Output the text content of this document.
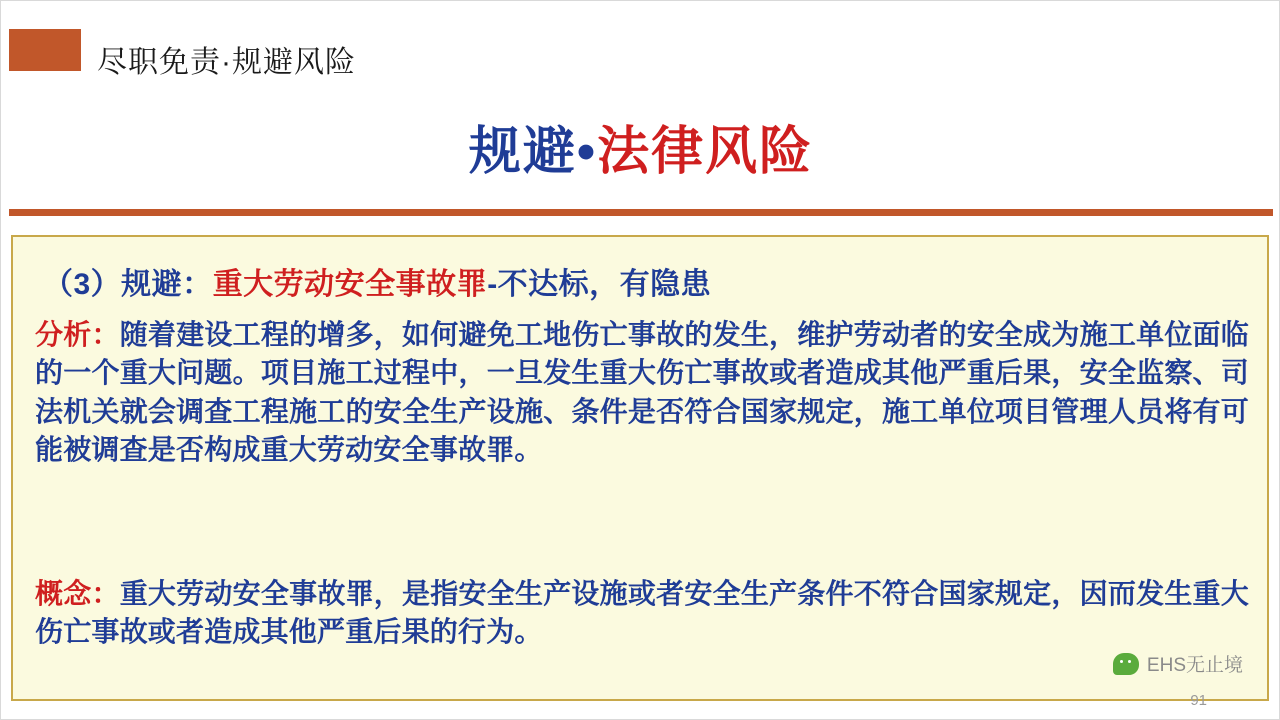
尽职免责·规避风险
规避•法律风险
（3）规避：重大劳动安全事故罪-不达标，有隐患
分析：随着建设工程的增多，如何避免工地伤亡事故的发生，维护劳动者的安全成为施工单位面临的一个重大问题。项目施工过程中，一旦发生重大伤亡事故或者造成其他严重后果，安全监察、司法机关就会调查工程施工的安全生产设施、条件是否符合国家规定，施工单位项目管理人员将有可能被调查是否构成重大劳动安全事故罪。
概念：重大劳动安全事故罪，是指安全生产设施或者安全生产条件不符合国家规定，因而发生重大伤亡事故或者造成其他严重后果的行为。
EHS无止境
91
